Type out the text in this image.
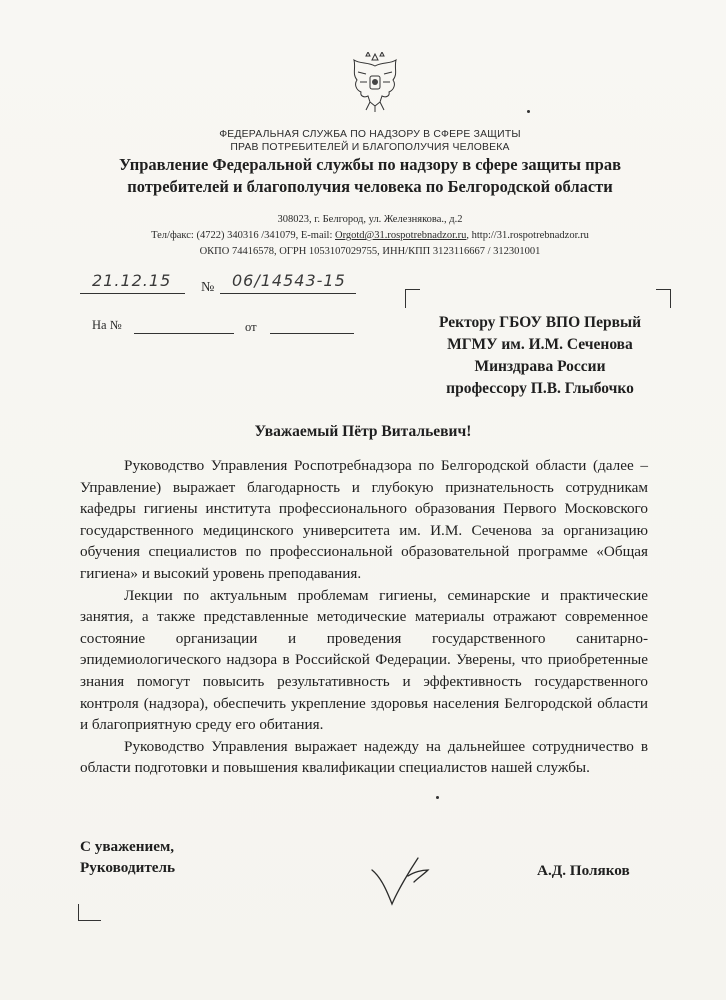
ФЕДЕРАЛЬНАЯ СЛУЖБА ПО НАДЗОРУ В СФЕРЕ ЗАЩИТЫ
ПРАВ ПОТРЕБИТЕЛЕЙ И БЛАГОПОЛУЧИЯ ЧЕЛОВЕКА
Управление Федеральной службы по надзору в сфере защиты прав
потребителей и благополучия человека по Белгородской области
308023, г. Белгород, ул. Железнякова., д.2
Тел/факс: (4722) 340316 /341079, E-mail: Orgotd@31.rospotrebnadzor.ru, http://31.rospotrebnadzor.ru
ОКПО 74416578, ОГРН 1053107029755, ИНН/КПП 3123116667 / 312301001
21.12.15 № 06/14543-15
На №	от	Ректору ГБОУ ВПО Первый
МГМУ им. И.М. Сеченова
Минздрава России
профессору П.В. Глыбочко
Уважаемый Пётр Витальевич!

Руководство Управления Роспотребнадзора по Белгородской области (далее – Управление) выражает благодарность и глубокую признательность сотрудникам кафедры гигиены института профессионального образования Первого Московского государственного медицинского университета им. И.М. Сеченова за организацию обучения специалистов по профессиональной образовательной программе «Общая гигиена» и высокий уровень преподавания.

Лекции по актуальным проблемам гигиены, семинарские и практические занятия, а также представленные методические материалы отражают современное состояние организации и проведения государственного санитарно-эпидемиологического надзора в Российской Федерации. Уверены, что приобретенные знания помогут повысить результативность и эффективность государственного контроля (надзора), обеспечить укрепление здоровья населения Белгородской области и благоприятную среду его обитания.

Руководство Управления выражает надежду на дальнейшее сотрудничество в области подготовки и повышения квалификации специалистов нашей службы.

С уважением,
Руководитель	А.Д. Поляков
